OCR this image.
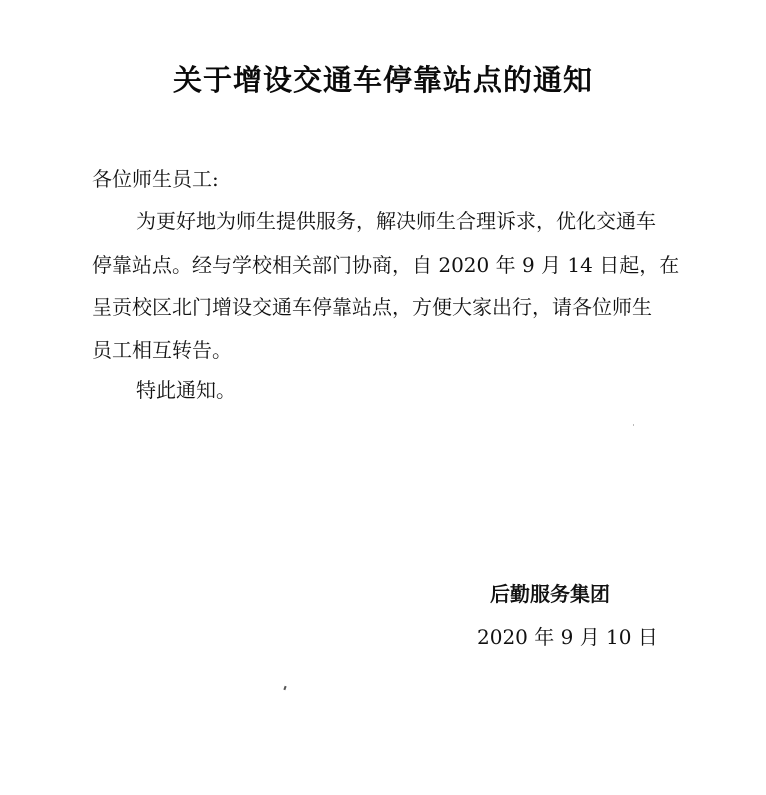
关于增设交通车停靠站点的通知
各位师生员工:
为更好地为师生提供服务，解决师生合理诉求，优化交通车
停靠站点。经与学校相关部门协商，自 2020 年 9 月 14 日起，在
呈贡校区北门增设交通车停靠站点，方便大家出行，请各位师生
员工相互转告。
特此通知。
后勤服务集团
2020 年 9 月 10 日
